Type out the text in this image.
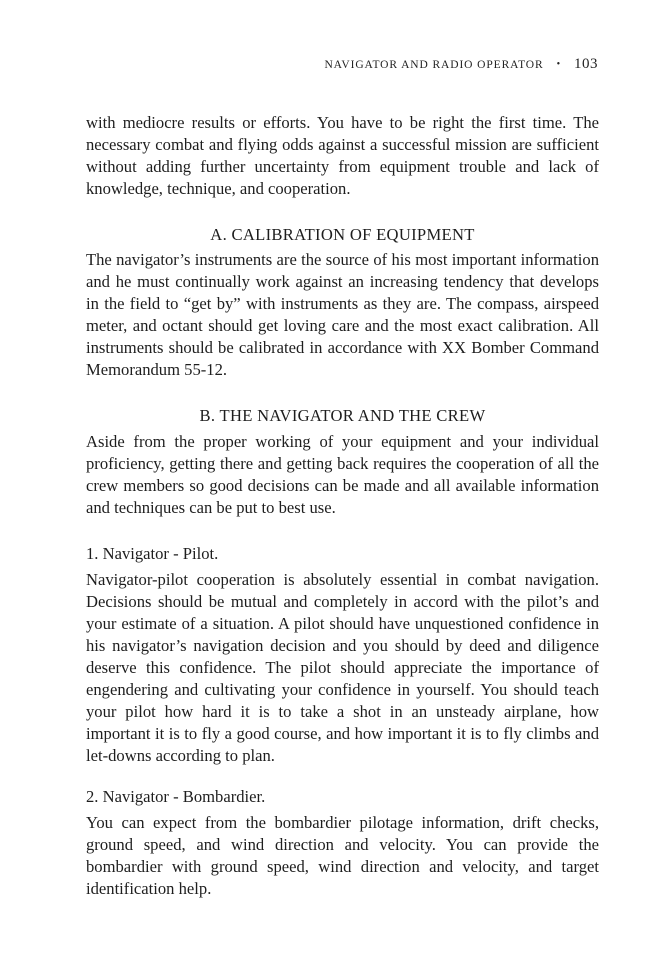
NAVIGATOR AND RADIO OPERATOR • 103

with mediocre results or efforts. You have to be right the first time. The necessary combat and flying odds against a successful mission are sufficient without adding further uncertainty from equipment trouble and lack of knowledge, technique, and cooperation.

A. CALIBRATION OF EQUIPMENT

The navigator’s instruments are the source of his most important information and he must continually work against an increasing tendency that develops in the field to “get by” with instruments as they are. The compass, airspeed meter, and octant should get loving care and the most exact calibration. All instruments should be calibrated in accordance with XX Bomber Command Memorandum 55-12.

B. THE NAVIGATOR AND THE CREW

Aside from the proper working of your equipment and your individual proficiency, getting there and getting back requires the cooperation of all the crew members so good decisions can be made and all available information and techniques can be put to best use.

1. Navigator - Pilot.

Navigator-pilot cooperation is absolutely essential in combat navigation. Decisions should be mutual and completely in accord with the pilot’s and your estimate of a situation. A pilot should have unquestioned confidence in his navigator’s navigation decision and you should by deed and diligence deserve this confidence. The pilot should appreciate the importance of engendering and cultivating your confidence in yourself. You should teach your pilot how hard it is to take a shot in an unsteady airplane, how important it is to fly a good course, and how important it is to fly climbs and let-downs according to plan.

2. Navigator - Bombardier.

You can expect from the bombardier pilotage information, drift checks, ground speed, and wind direction and velocity. You can provide the bombardier with ground speed, wind direction and velocity, and target identification help.
